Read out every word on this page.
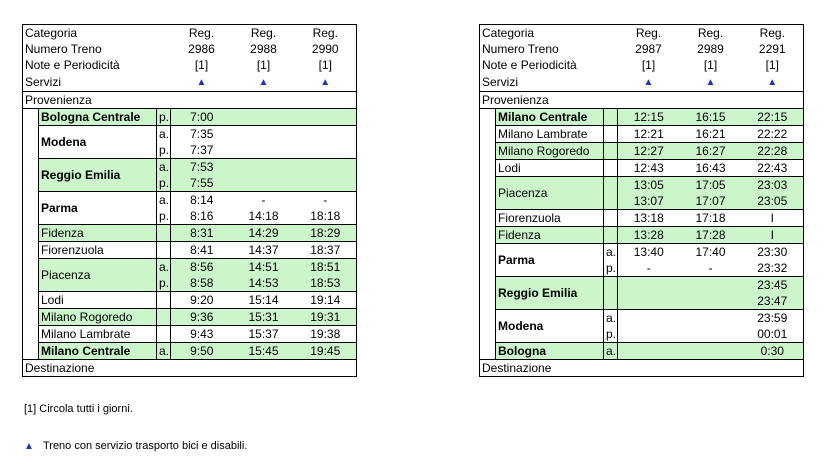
Categoria			Reg.	Reg.	Reg.
Numero Treno			2986	2988	2990
Note e Periodicità			[1]	[1]	[1]
Servizi			▲	▲	▲
Provenienza					
	Bologna Centrale	p.	7:00		
	Modena	a.	7:35		
		p.	7:37		
	Reggio Emilia	a.	7:53		
		p.	7:55		
	Parma	a.	8:14	-	-
		p.	8:16	14:18	18:18
	Fidenza		8:31	14:29	18:29
	Fiorenzuola		8:41	14:37	18:37
	Piacenza	a.	8:56	14:51	18:51
		p.	8:58	14:53	18:53
	Lodi		9:20	15:14	19:14
	Milano Rogoredo		9:36	15:31	19:31
	Milano Lambrate		9:43	15:37	19:38
	Milano Centrale	a.	9:50	15:45	19:45
Destinazione					
Categoria			Reg.	Reg.	Reg.
Numero Treno			2987	2989	2291
Note e Periodicità			[1]	[1]	[1]
Servizi			▲	▲	▲
Provenienza					
	Milano Centrale		12:15	16:15	22:15
	Milano Lambrate		12:21	16:21	22:22
	Milano Rogoredo		12:27	16:27	22:28
	Lodi		12:43	16:43	22:43
	Piacenza		13:05	17:05	23:03
			13:07	17:07	23:05
	Fiorenzuola		13:18	17:18	I
	Fidenza		13:28	17:28	I
	Parma	a.	13:40	17:40	23:30
		p.	-	-	23:32
	Reggio Emilia				23:45
					23:47
	Modena	a.			23:59
		p.			00:01
	Bologna	a.			0:30
Destinazione					
[1] Circola tutti i giorni.
▲ Treno con servizio trasporto bici e disabili.
